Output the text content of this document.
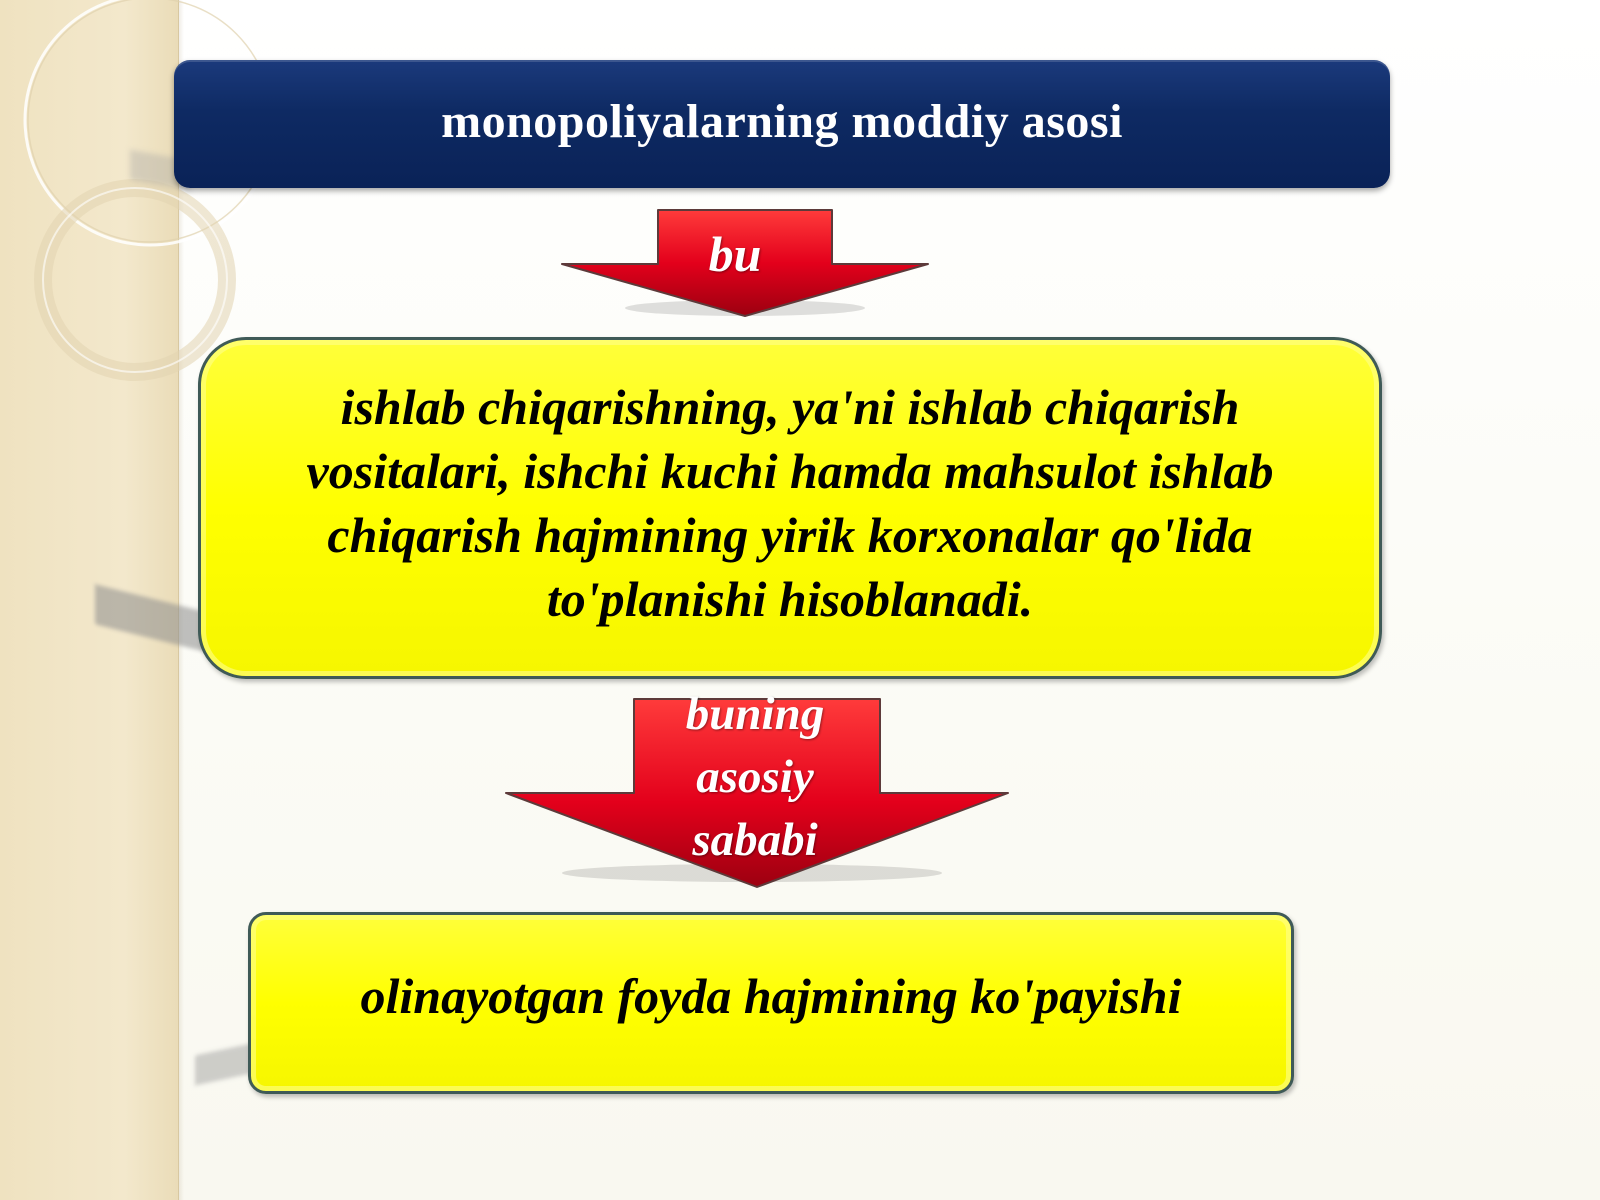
monopoliyalarning moddiy asosi
bu
ishlab chiqarishning, ya'ni ishlab chiqarish vositalari, ishchi kuchi hamda mahsulot ishlab chiqarish hajmining yirik korxonalar qo'lida to'planishi hisoblanadi.
buning asosiy sababi
olinayotgan foyda hajmining ko'payishi
